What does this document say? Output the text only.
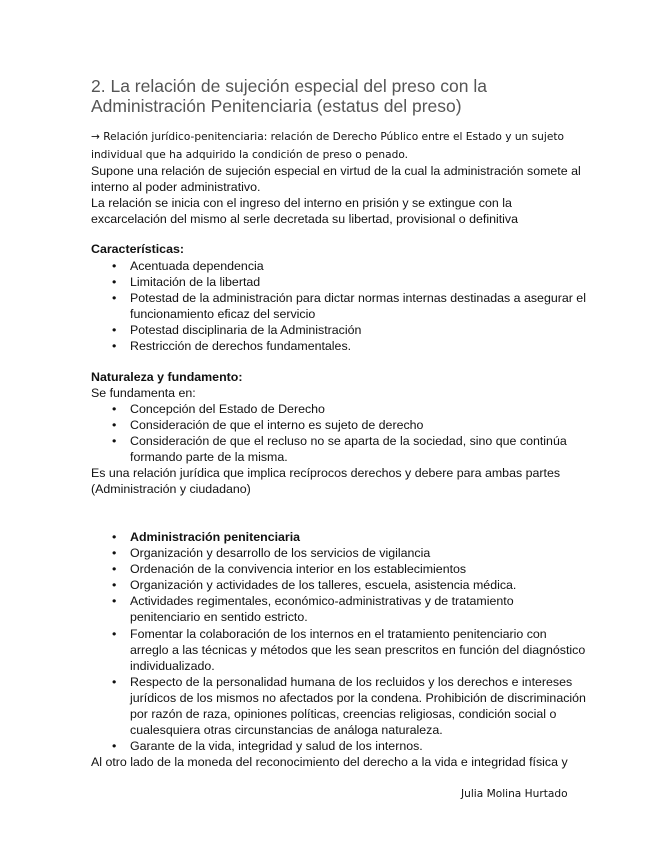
2. La relación de sujeción especial del preso con la
Administración Penitenciaria (estatus del preso)
→ Relación jurídico-penitenciaria: relación de Derecho Público entre el Estado y un sujeto
individual que ha adquirido la condición de preso o penado.
Supone una relación de sujeción especial en virtud de la cual la administración somete al
interno al poder administrativo.
La relación se inicia con el ingreso del interno en prisión y se extingue con la
excarcelación del mismo al serle decretada su libertad, provisional o definitiva
Características:
• Acentuada dependencia
• Limitación de la libertad
• Potestad de la administración para dictar normas internas destinadas a asegurar el
funcionamiento eficaz del servicio
• Potestad disciplinaria de la Administración
• Restricción de derechos fundamentales.
Naturaleza y fundamento:
Se fundamenta en:
• Concepción del Estado de Derecho
• Consideración de que el interno es sujeto de derecho
• Consideración de que el recluso no se aparta de la sociedad, sino que continúa
formando parte de la misma.
Es una relación jurídica que implica recíprocos derechos y debere para ambas partes
(Administración y ciudadano)
• Administración penitenciaria
• Organización y desarrollo de los servicios de vigilancia
• Ordenación de la convivencia interior en los establecimientos
• Organización y actividades de los talleres, escuela, asistencia médica.
• Actividades regimentales, económico-administrativas y de tratamiento
penitenciario en sentido estricto.
• Fomentar la colaboración de los internos en el tratamiento penitenciario con
arreglo a las técnicas y métodos que les sean prescritos en función del diagnóstico
individualizado.
• Respecto de la personalidad humana de los recluidos y los derechos e intereses
jurídicos de los mismos no afectados por la condena. Prohibición de discriminación
por razón de raza, opiniones políticas, creencias religiosas, condición social o
cualesquiera otras circunstancias de análoga naturaleza.
• Garante de la vida, integridad y salud de los internos.
Al otro lado de la moneda del reconocimiento del derecho a la vida e integridad física y
Julia Molina Hurtado
